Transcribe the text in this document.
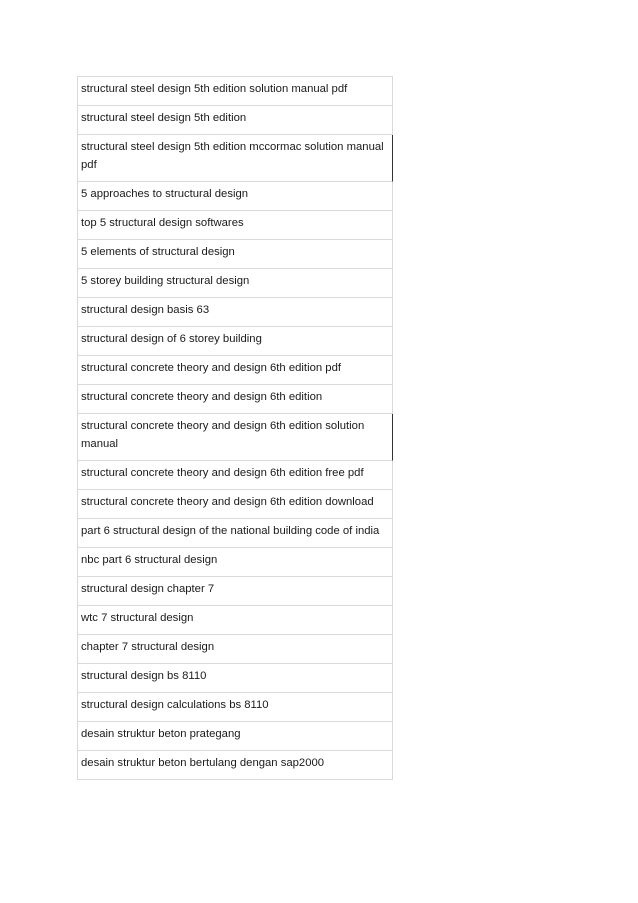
structural steel design 5th edition solution manual pdf
structural steel design 5th edition
structural steel design 5th edition mccormac solution manual pdf
5 approaches to structural design
top 5 structural design softwares
5 elements of structural design
5 storey building structural design
structural design basis 63
structural design of 6 storey building
structural concrete theory and design 6th edition pdf
structural concrete theory and design 6th edition
structural concrete theory and design 6th edition solution manual
structural concrete theory and design 6th edition free pdf
structural concrete theory and design 6th edition download
part 6 structural design of the national building code of india
nbc part 6 structural design
structural design chapter 7
wtc 7 structural design
chapter 7 structural design
structural design bs 8110
structural design calculations bs 8110
desain struktur beton prategang
desain struktur beton bertulang dengan sap2000
